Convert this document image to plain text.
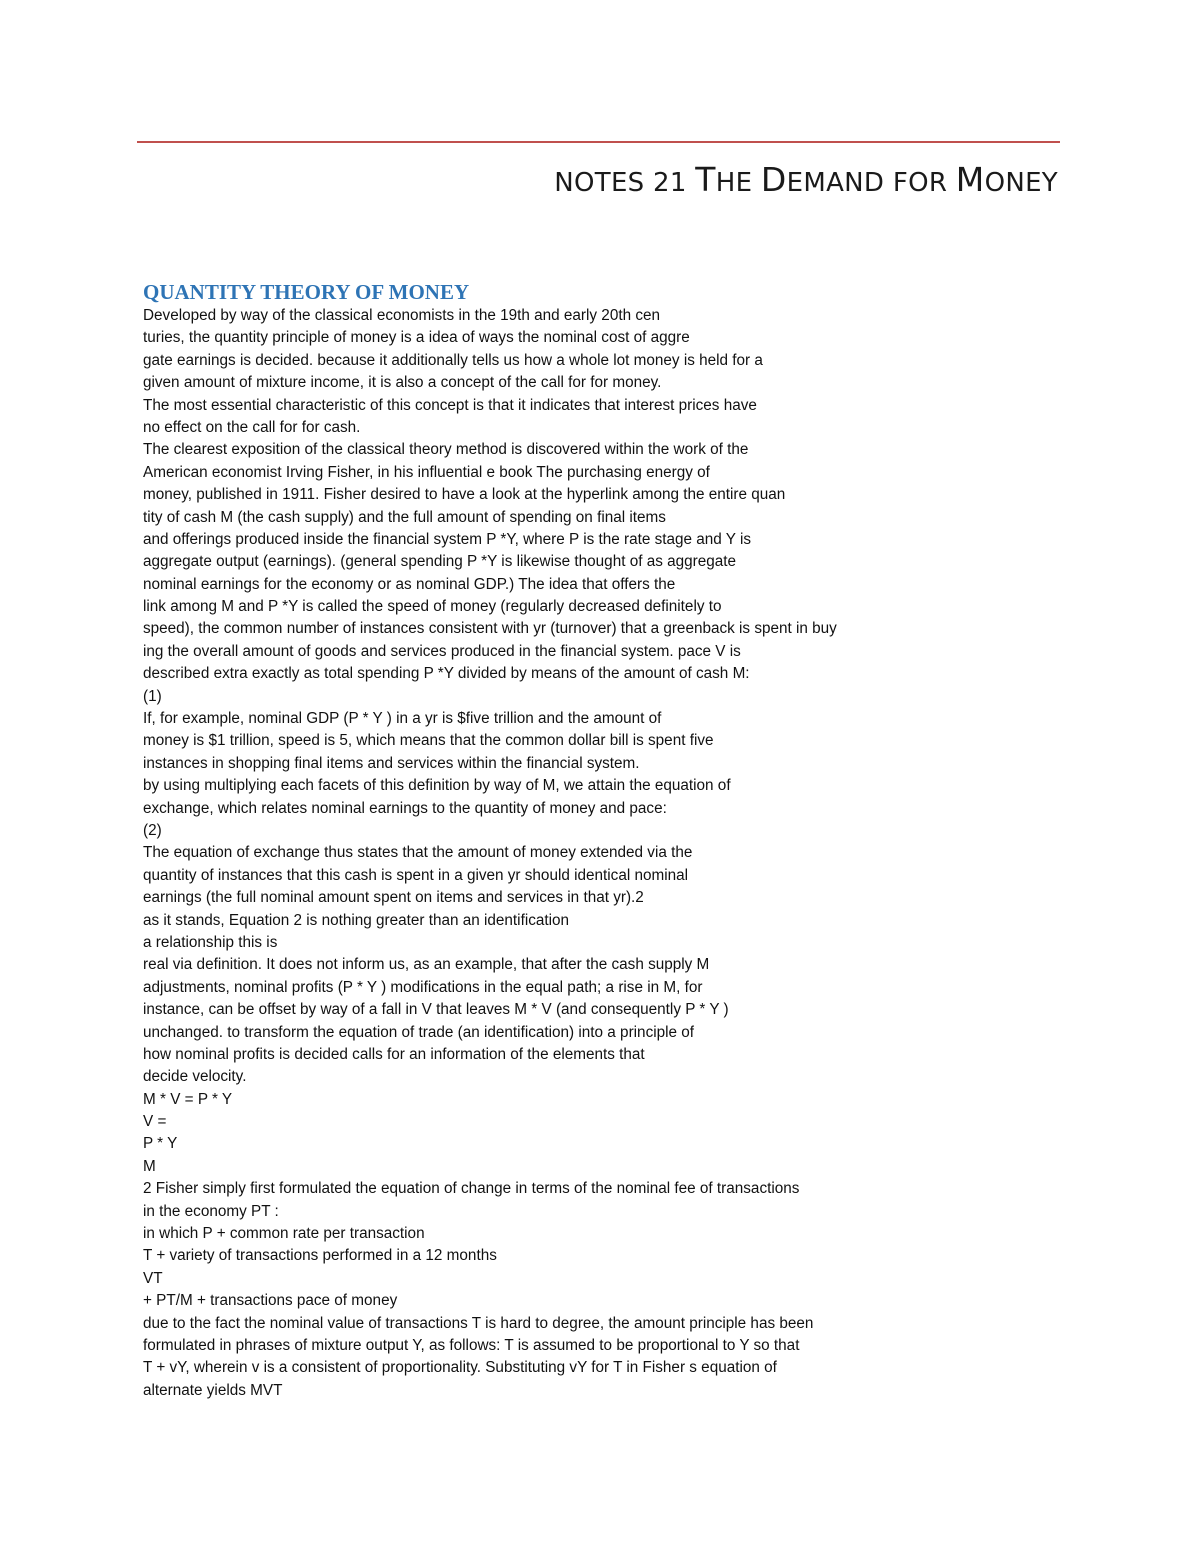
NOTES 21 THE DEMAND FOR MONEY
QUANTITY THEORY OF MONEY
Developed by way of the classical economists in the 19th and early 20th cen
turies, the quantity principle of money is a idea of ways the nominal cost of aggre
gate earnings is decided. because it additionally tells us how a whole lot money is held for a
given amount of mixture income, it is also a concept of the call for for money.
The most essential characteristic of this concept is that it indicates that interest prices have
no effect on the call for for cash.
The clearest exposition of the classical theory method is discovered within the work of the
American economist Irving Fisher, in his influential e book The purchasing energy of
money, published in 1911. Fisher desired to have a look at the hyperlink among the entire quan
tity of cash M (the cash supply) and the full amount of spending on final items
and offerings produced inside the financial system P *Y, where P is the rate stage and Y is
aggregate output (earnings). (general spending P *Y is likewise thought of as aggregate
nominal earnings for the economy or as nominal GDP.) The idea that offers the
link among M and P *Y is called the speed of money (regularly decreased definitely to
speed), the common number of instances consistent with yr (turnover) that a greenback is spent in buy
ing the overall amount of goods and services produced in the financial system. pace V is
described extra exactly as total spending P *Y divided by means of the amount of cash M:
(1)
If, for example, nominal GDP (P * Y ) in a yr is $five trillion and the amount of
money is $1 trillion, speed is 5, which means that the common dollar bill is spent five
instances in shopping final items and services within the financial system.
by using multiplying each facets of this definition by way of M, we attain the equation of
exchange, which relates nominal earnings to the quantity of money and pace:
(2)
The equation of exchange thus states that the amount of money extended via the
quantity of instances that this cash is spent in a given yr should identical nominal
earnings (the full nominal amount spent on items and services in that yr).2
as it stands, Equation 2 is nothing greater than an identification
a relationship this is
real via definition. It does not inform us, as an example, that after the cash supply M
adjustments, nominal profits (P * Y ) modifications in the equal path; a rise in M, for
instance, can be offset by way of a fall in V that leaves M * V (and consequently P * Y )
unchanged. to transform the equation of trade (an identification) into a principle of
how nominal profits is decided calls for an information of the elements that
decide velocity.
M * V = P * Y
V =
P * Y
M
2 Fisher simply first formulated the equation of change in terms of the nominal fee of transactions
in the economy PT :
in which P + common rate per transaction
T + variety of transactions performed in a 12 months
VT
+ PT/M + transactions pace of money
due to the fact the nominal value of transactions T is hard to degree, the amount principle has been
formulated in phrases of mixture output Y, as follows: T is assumed to be proportional to Y so that
T + vY, wherein v is a consistent of proportionality. Substituting vY for T in Fisher s equation of
alternate yields MVT
